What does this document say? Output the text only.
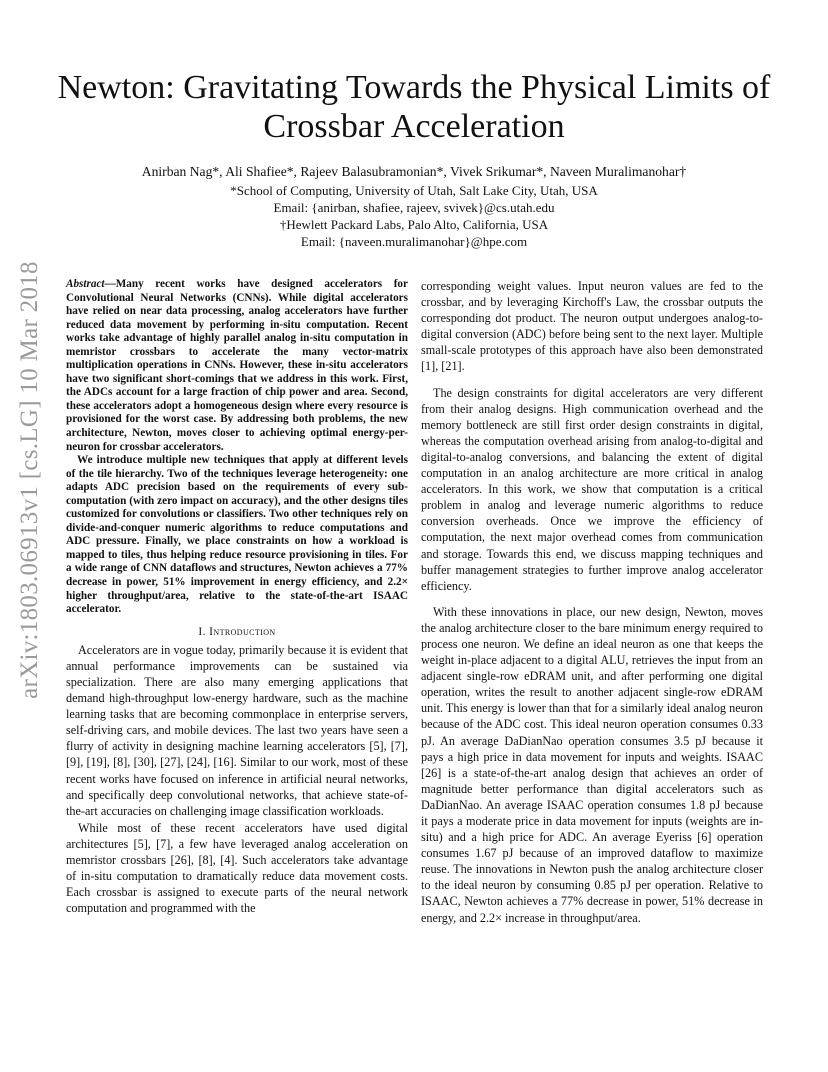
arXiv:1803.06913v1 [cs.LG] 10 Mar 2018
Newton: Gravitating Towards the Physical Limits of Crossbar Acceleration
Anirban Nag*, Ali Shafiee*, Rajeev Balasubramonian*, Vivek Srikumar*, Naveen Muralimanohar†
*School of Computing, University of Utah, Salt Lake City, Utah, USA
Email: {anirban, shafiee, rajeev, svivek}@cs.utah.edu
†Hewlett Packard Labs, Palo Alto, California, USA
Email: {naveen.muralimanohar}@hpe.com

Abstract—Many recent works have designed accelerators for Convolutional Neural Networks (CNNs). While digital accelerators have relied on near data processing, analog accelerators have further reduced data movement by performing in-situ computation. Recent works take advantage of highly parallel analog in-situ computation in memristor crossbars to accelerate the many vector-matrix multiplication operations in CNNs. However, these in-situ accelerators have two significant short-comings that we address in this work. First, the ADCs account for a large fraction of chip power and area. Second, these accelerators adopt a homogeneous design where every resource is provisioned for the worst case. By addressing both problems, the new architecture, Newton, moves closer to achieving optimal energy-per-neuron for crossbar accelerators.

We introduce multiple new techniques that apply at different levels of the tile hierarchy. Two of the techniques leverage heterogeneity: one adapts ADC precision based on the requirements of every sub-computation (with zero impact on accuracy), and the other designs tiles customized for convolutions or classifiers. Two other techniques rely on divide-and-conquer numeric algorithms to reduce computations and ADC pressure. Finally, we place constraints on how a workload is mapped to tiles, thus helping reduce resource provisioning in tiles. For a wide range of CNN dataflows and structures, Newton achieves a 77% decrease in power, 51% improvement in energy efficiency, and 2.2× higher throughput/area, relative to the state-of-the-art ISAAC accelerator.

I. Introduction

Accelerators are in vogue today, primarily because it is evident that annual performance improvements can be sustained via specialization. There are also many emerging applications that demand high-throughput low-energy hardware, such as the machine learning tasks that are becoming commonplace in enterprise servers, self-driving cars, and mobile devices. The last two years have seen a flurry of activity in designing machine learning accelerators [5], [7], [9], [19], [8], [30], [27], [24], [16]. Similar to our work, most of these recent works have focused on inference in artificial neural networks, and specifically deep convolutional networks, that achieve state-of-the-art accuracies on challenging image classification workloads.

While most of these recent accelerators have used digital architectures [5], [7], a few have leveraged analog acceleration on memristor crossbars [26], [8], [4]. Such accelerators take advantage of in-situ computation to dramatically reduce data movement costs. Each crossbar is assigned to execute parts of the neural network computation and programmed with the

corresponding weight values. Input neuron values are fed to the crossbar, and by leveraging Kirchoff's Law, the crossbar outputs the corresponding dot product. The neuron output undergoes analog-to-digital conversion (ADC) before being sent to the next layer. Multiple small-scale prototypes of this approach have also been demonstrated [1], [21].

The design constraints for digital accelerators are very different from their analog designs. High communication overhead and the memory bottleneck are still first order design constraints in digital, whereas the computation overhead arising from analog-to-digital and digital-to-analog conversions, and balancing the extent of digital computation in an analog architecture are more critical in analog accelerators. In this work, we show that computation is a critical problem in analog and leverage numeric algorithms to reduce conversion overheads. Once we improve the efficiency of computation, the next major overhead comes from communication and storage. Towards this end, we discuss mapping techniques and buffer management strategies to further improve analog accelerator efficiency.

With these innovations in place, our new design, Newton, moves the analog architecture closer to the bare minimum energy required to process one neuron. We define an ideal neuron as one that keeps the weight in-place adjacent to a digital ALU, retrieves the input from an adjacent single-row eDRAM unit, and after performing one digital operation, writes the result to another adjacent single-row eDRAM unit. This energy is lower than that for a similarly ideal analog neuron because of the ADC cost. This ideal neuron operation consumes 0.33 pJ. An average DaDianNao operation consumes 3.5 pJ because it pays a high price in data movement for inputs and weights. ISAAC [26] is a state-of-the-art analog design that achieves an order of magnitude better performance than digital accelerators such as DaDianNao. An average ISAAC operation consumes 1.8 pJ because it pays a moderate price in data movement for inputs (weights are in-situ) and a high price for ADC. An average Eyeriss [6] operation consumes 1.67 pJ because of an improved dataflow to maximize reuse. The innovations in Newton push the analog architecture closer to the ideal neuron by consuming 0.85 pJ per operation. Relative to ISAAC, Newton achieves a 77% decrease in power, 51% decrease in energy, and 2.2× increase in throughput/area.
